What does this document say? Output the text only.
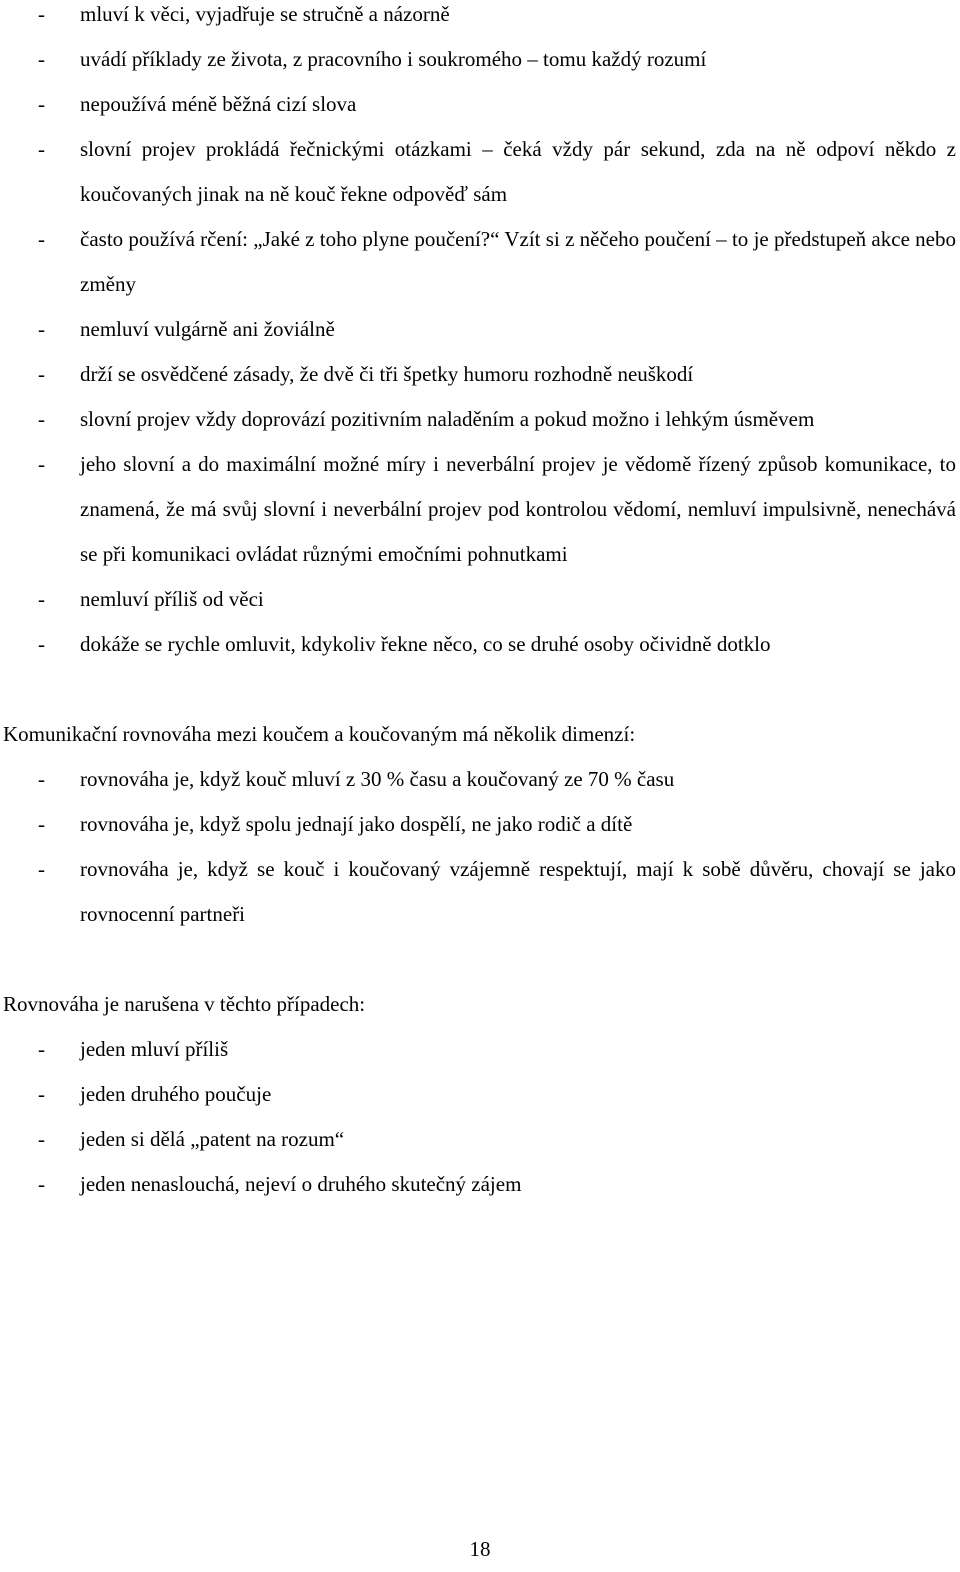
- mluví k věci, vyjadřuje se stručně a názorně
- uvádí příklady ze života, z pracovního i soukromého – tomu každý rozumí
- nepoužívá méně běžná cizí slova
- slovní projev prokládá řečnickými otázkami – čeká vždy pár sekund, zda na ně odpoví někdo z koučovaných jinak na ně kouč řekne odpověď sám
- často používá rčení: „Jaké z toho plyne poučení?“ Vzít si z něčeho poučení – to je předstupeň akce nebo změny
- nemluví vulgárně ani žoviálně
- drží se osvědčené zásady, že dvě či tři špetky humoru rozhodně neuškodí
- slovní projev vždy doprovází pozitivním naladěním a pokud možno i lehkým úsměvem
- jeho slovní a do maximální možné míry i neverbální projev je vědomě řízený způsob komunikace, to znamená, že má svůj slovní i neverbální projev pod kontrolou vědomí, nemluví impulsivně, nenechává se při komunikaci ovládat různými emočními pohnutkami
- nemluví příliš od věci
- dokáže se rychle omluvit, kdykoliv řekne něco, co se druhé osoby očividně dotklo

Komunikační rovnováha mezi koučem a koučovaným má několik dimenzí:

- rovnováha je, když kouč mluví z 30 % času a koučovaný ze 70 % času
- rovnováha je, když spolu jednají jako dospělí, ne jako rodič a dítě
- rovnováha je, když se kouč i koučovaný vzájemně respektují, mají k sobě důvěru, chovají se jako rovnocenní partneři

Rovnováha je narušena v těchto případech:

- jeden mluví příliš
- jeden druhého poučuje
- jeden si dělá „patent na rozum“
- jeden nenaslouchá, nejeví o druhého skutečný zájem
18
